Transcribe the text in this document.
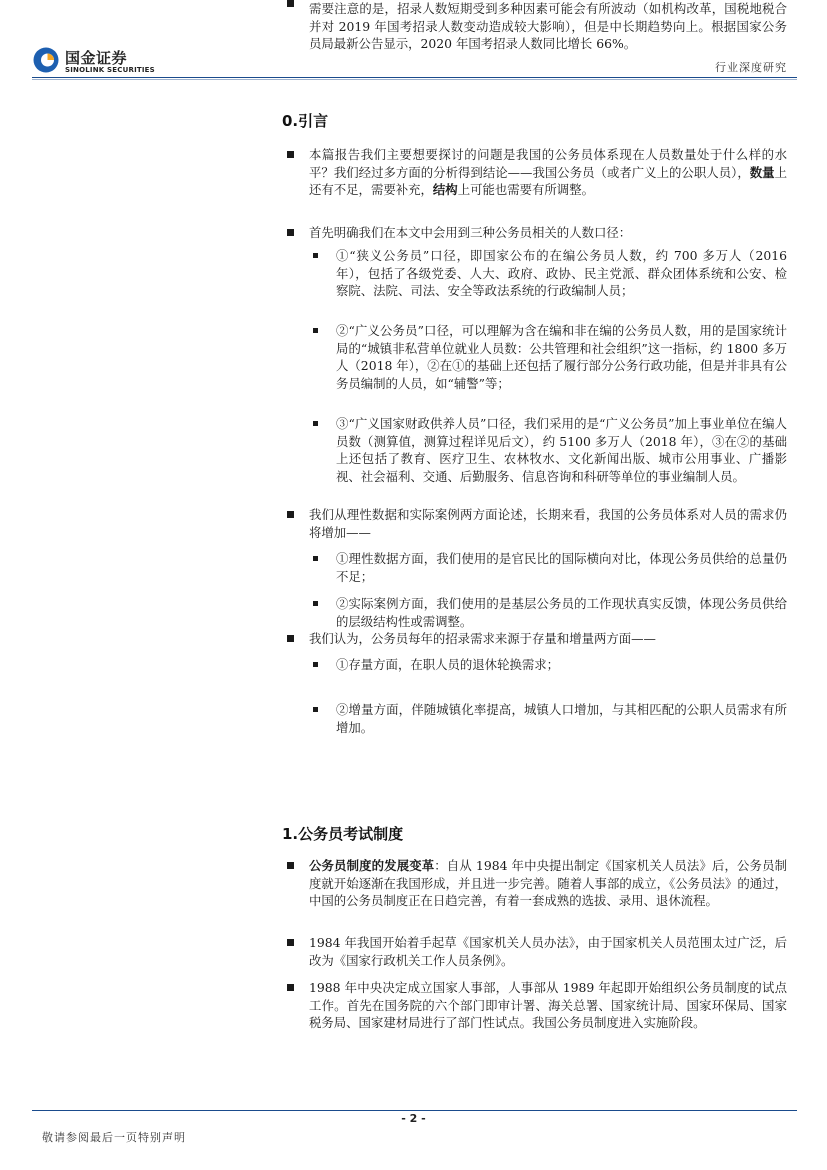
国金证券
SINOLINK SECURITIES	行业深度研究
0.引言
本篇报告我们主要想要探讨的问题是我国的公务员体系现在人员数量处于什么样的水平？我们经过多方面的分析得到结论——我国公务员（或者广义上的公职人员），数量上还有不足，需要补充，结构上可能也需要有所调整。
首先明确我们在本文中会用到三种公务员相关的人数口径：
①“狭义公务员”口径，即国家公布的在编公务员人数，约 700 多万人（2016 年），包括了各级党委、人大、政府、政协、民主党派、群众团体系统和公安、检察院、法院、司法、安全等政法系统的行政编制人员；
②“广义公务员”口径，可以理解为含在编和非在编的公务员人数，用的是国家统计局的“城镇非私营单位就业人员数：公共管理和社会组织”这一指标，约 1800 多万人（2018 年），②在①的基础上还包括了履行部分公务行政功能，但是并非具有公务员编制的人员，如“辅警”等；
③“广义国家财政供养人员”口径，我们采用的是“广义公务员”加上事业单位在编人员数（测算值，测算过程详见后文），约 5100 多万人（2018 年），③在②的基础上还包括了教育、医疗卫生、农林牧水、文化新闻出版、城市公用事业、广播影视、社会福利、交通、后勤服务、信息咨询和科研等单位的事业编制人员。
我们从理性数据和实际案例两方面论述，长期来看，我国的公务员体系对人员的需求仍将增加——
①理性数据方面，我们使用的是官民比的国际横向对比，体现公务员供给的总量仍不足；
②实际案例方面，我们使用的是基层公务员的工作现状真实反馈，体现公务员供给的层级结构性或需调整。
我们认为，公务员每年的招录需求来源于存量和增量两方面——
①存量方面，在职人员的退休轮换需求；
②增量方面，伴随城镇化率提高，城镇人口增加，与其相匹配的公职人员需求有所增加。
需要注意的是，招录人数短期受到多种因素可能会有所波动（如机构改革，国税地税合并对 2019 年国考招录人数变动造成较大影响），但是中长期趋势向上。根据国家公务员局最新公告显示，2020 年国考招录人数同比增长 66%。
1.公务员考试制度
公务员制度的发展变革：自从 1984 年中央提出制定《国家机关人员法》后，公务员制度就开始逐渐在我国形成，并且进一步完善。随着人事部的成立，《公务员法》的通过，中国的公务员制度正在日趋完善，有着一套成熟的选拔、录用、退休流程。
1984 年我国开始着手起草《国家机关人员办法》，由于国家机关人员范围太过广泛，后改为《国家行政机关工作人员条例》。
1988 年中央决定成立国家人事部，人事部从 1989 年起即开始组织公务员制度的试点工作。首先在国务院的六个部门即审计署、海关总署、国家统计局、国家环保局、国家税务局、国家建材局进行了部门性试点。我国公务员制度进入实施阶段。
- 2 -
敬请参阅最后一页特别声明
